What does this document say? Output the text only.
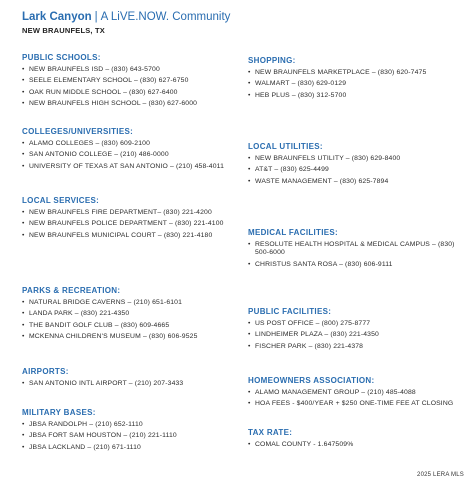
Lark Canyon | A LiVE.NOW. Community
NEW BRAUNFELS, TX
PUBLIC SCHOOLS:
• NEW BRAUNFELS ISD – (830) 643-5700
• SEELE ELEMENTARY SCHOOL – (830) 627-6750
• OAK RUN MIDDLE SCHOOL – (830) 627-6400
• NEW BRAUNFELS HIGH SCHOOL – (830) 627-6000
COLLEGES/UNIVERSITIES:
• ALAMO COLLEGES – (830) 609-2100
• SAN ANTONIO COLLEGE – (210) 486-0000
• UNIVERSITY OF TEXAS AT SAN ANTONIO – (210) 458-4011
LOCAL SERVICES:
• NEW BRAUNFELS FIRE DEPARTMENT– (830) 221-4200
• NEW BRAUNFELS POLICE DEPARTMENT – (830) 221-4100
• NEW BRAUNFELS MUNICIPAL COURT – (830) 221-4180
PARKS & RECREATION:
• NATURAL BRIDGE CAVERNS – (210) 651-6101
• LANDA PARK – (830) 221-4350
• THE BANDIT GOLF CLUB – (830) 609-4665
• MCKENNA CHILDREN'S MUSEUM – (830) 606-9525
AIRPORTS:
• SAN ANTONIO INTL AIRPORT – (210) 207-3433
MILITARY BASES:
• JBSA RANDOLPH – (210) 652-1110
• JBSA FORT SAM HOUSTON – (210) 221-1110
• JBSA LACKLAND – (210) 671-1110
SHOPPING:
• NEW BRAUNFELS MARKETPLACE – (830) 620-7475
• WALMART – (830) 629-0129
• HEB PLUS – (830) 312-5700
LOCAL UTILITIES:
• NEW BRAUNFELS UTILITY – (830) 629-8400
• AT&T – (830) 625-4499
• WASTE MANAGEMENT – (830) 625-7894
MEDICAL FACILITIES:
• RESOLUTE HEALTH HOSPITAL & MEDICAL CAMPUS – (830) 500-6000
• CHRISTUS SANTA ROSA – (830) 606-9111
PUBLIC FACILITIES:
• US POST OFFICE – (800) 275-8777
• LINDHEIMER PLAZA – (830) 221-4350
• FISCHER PARK – (830) 221-4378
HOMEOWNERS ASSOCIATION:
• ALAMO MANAGEMENT GROUP – (210) 485-4088
• HOA FEES - $400/YEAR + $250 ONE-TIME FEE AT CLOSING
TAX RATE:
• COMAL COUNTY - 1.647509%
2025 LERA MLS
